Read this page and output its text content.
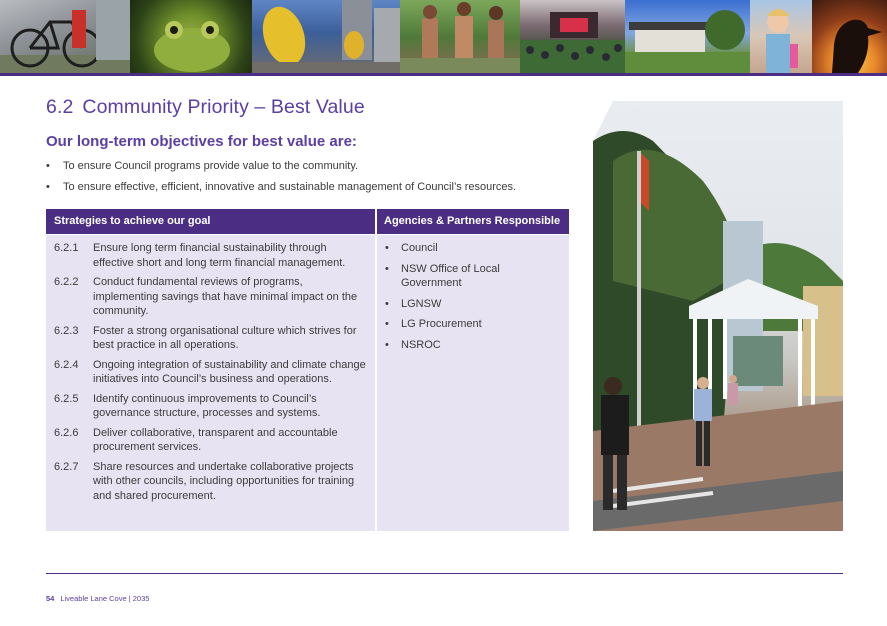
6.2 Community Priority – Best Value
Our long-term objectives for best value are:
• To ensure Council programs provide value to the community.
• To ensure effective, efficient, innovative and sustainable management of Council’s resources.
Strategies to achieve our goal	Agencies & Partners Responsible
6.2.1	Ensure long term financial sustainability through effective short and long term financial management.
6.2.2	Conduct fundamental reviews of programs, implementing savings that have minimal impact on the community.
6.2.3	Foster a strong organisational culture which strives for best practice in all operations.
6.2.4	Ongoing integration of sustainability and climate change initiatives into Council’s business and operations.
6.2.5	Identify continuous improvements to Council’s governance structure, processes and systems.
6.2.6	Deliver collaborative, transparent and accountable procurement services.
6.2.7	Share resources and undertake collaborative projects with other councils, including opportunities for training and shared procurement.
• Council
• NSW Office of Local Government
• LGNSW
• LG Procurement
• NSROC
54 Liveable Lane Cove | 2035
